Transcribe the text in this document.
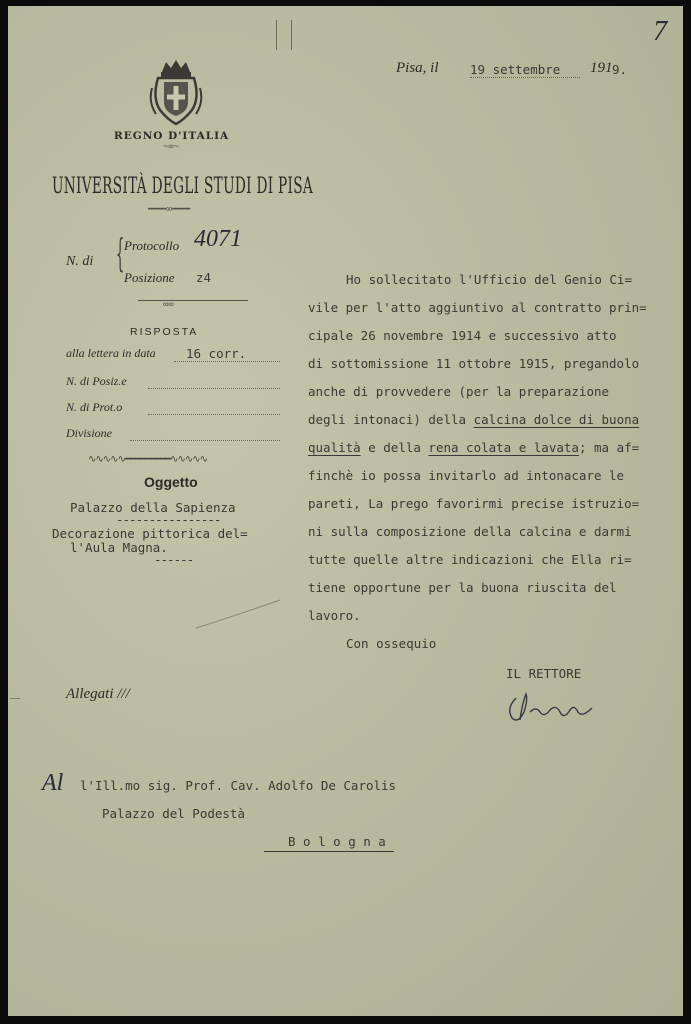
7
REGNO D'ITALIA
~∞~
UNIVERSITÀ DEGLI STUDI DI PISA
━━━∞━━━
Pisa, il	19 settembre	191 9.
N. di { Protocollo 4071
Posizione z4
∞∞
RISPOSTA
alla lettera in data	16 corr.
N. di Posiz.e
N. di Prot.o
Divisione
∿∿∿∿∿━━━━━━━━━∿∿∿∿∿
Oggetto
Palazzo della Sapienza
----------------
Decorazione pittorica del=
l'Aula Magna.
------
Ho sollecitato l'Ufficio del Genio Ci=
vile per l'atto aggiuntivo al contratto prin=
cipale 26 novembre 1914 e successivo atto
di sottomissione 11 ottobre 1915, pregandolo
anche di provvedere (per la preparazione
degli intonaci) della calcina dolce di buona
qualità e della rena colata e lavata; ma af=
finchè io possa invitarlo ad intonacare le
pareti, La prego favorirmi precise istruzio=
ni sulla composizione della calcina e darmi
tutte quelle altre indicazioni che Ella ri=
tiene opportune per la buona riuscita del
lavoro.
Con ossequio
IL RETTORE
Allegati ///
Al l'Ill.mo sig. Prof. Cav. Adolfo De Carolis
Palazzo del Podestà
B o l o g n a
